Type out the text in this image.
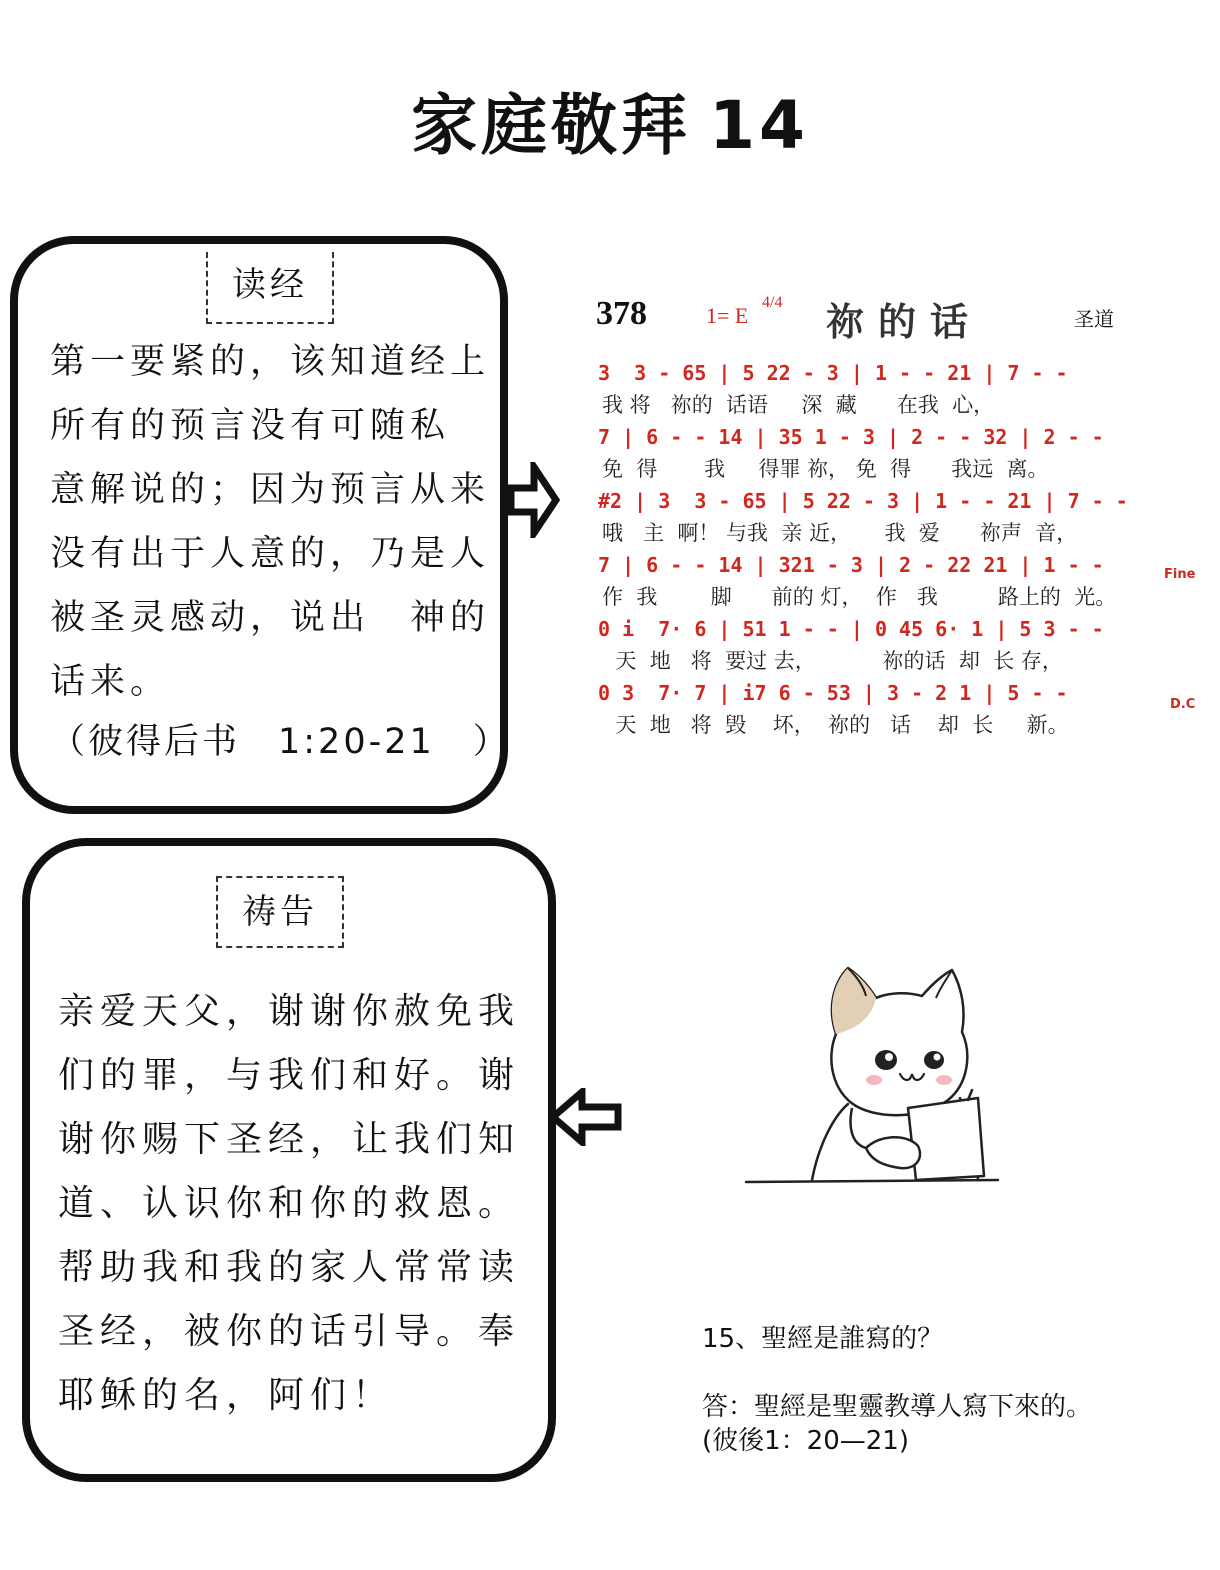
家庭敬拜 14
读经
第一要紧的，该知道经上
所有的预言没有可随私
意解说的；因为预言从来
没有出于人意的，乃是人
被圣灵感动，说出　神的
话来。
（彼得后书　1:20-21　）
378	1= E
4/4 祢的话	圣道
3  3 - 65 | 5 22 - 3 | 1 - - 21 | 7 - -
我 将   祢的  话语     深  藏      在我  心，
7 | 6 - - 14 | 35 1 - 3 | 2 - - 32 | 2 - -
免  得       我     得罪 祢， 免  得      我远  离。
#2 | 3  3 - 65 | 5 22 - 3 | 1 - - 21 | 7 - -
哦   主  啊！ 与我  亲 近，     我  爱      祢声  音，
7 | 6 - - 14 | 321 - 3 | 2 - 22 21 | 1 - -
作  我        脚      前的 灯，  作   我         路上的  光。
Fine
0 i  7· 6 | 51 1 - - | 0 45 6· 1 | 5 3 - -
天  地   将  要过 去，          祢的话  却  长 存，
0 3  7· 7 | i7 6 - 53 | 3 - 2 1 | 5 - -
天  地   将  毁    坏，  祢的   话    却  长     新。
D.C
祷告
亲爱天父，谢谢你赦免我
们的罪，与我们和好。谢
谢你赐下圣经，让我们知
道、认识你和你的救恩。
帮助我和我的家人常常读
圣经，被你的话引导。奉
耶稣的名，阿们！
15、聖經是誰寫的？
答：聖經是聖靈教導人寫下來的。
(彼後1：20—21)
